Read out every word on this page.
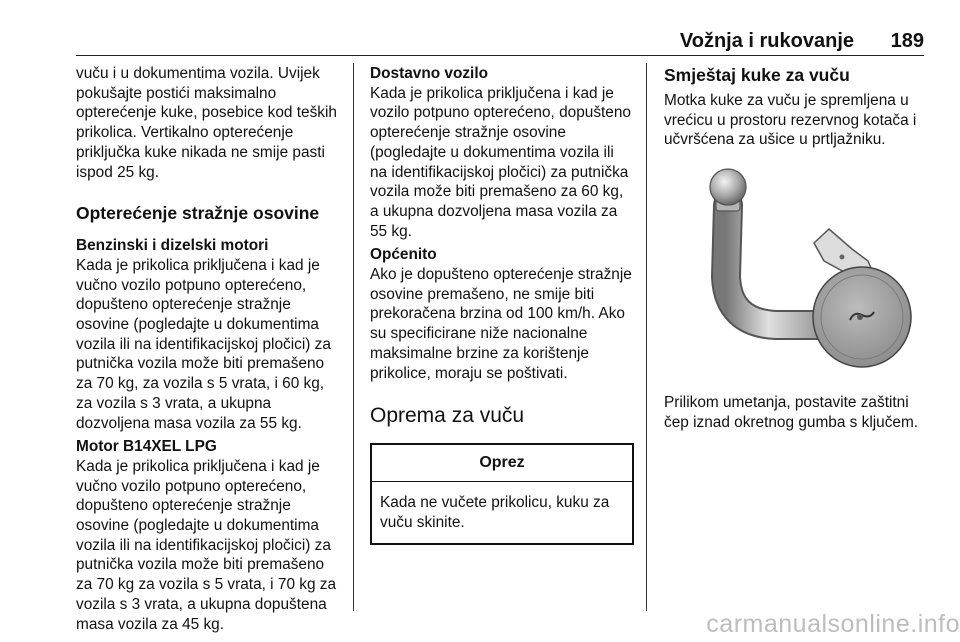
Vožnja i rukovanje 189

vuču i u dokumentima vozila. Uvijek pokušajte postići maksimalno opterećenje kuke, posebice kod teških prikolica. Vertikalno opterećenje priključka kuke nikada ne smije pasti ispod 25 kg.

Opterećenje stražnje osovine

Benzinski i dizelski motori

Kada je prikolica priključena i kad je vučno vozilo potpuno opterećeno, dopušteno opterećenje stražnje osovine (pogledajte u dokumentima vozila ili na identifikacijskoj pločici) za putnička vozila može biti premašeno za 70 kg, za vozila s 5 vrata, i 60 kg, za vozila s 3 vrata, a ukupna dozvoljena masa vozila za 55 kg.

Motor B14XEL LPG

Kada je prikolica priključena i kad je vučno vozilo potpuno opterećeno, dopušteno opterećenje stražnje osovine (pogledajte u dokumentima vozila ili na identifikacijskoj pločici) za putnička vozila može biti premašeno za 70 kg za vozila s 5 vrata, i 70 kg za vozila s 3 vrata, a ukupna dopuštena masa vozila za 45 kg.

Dostavno vozilo

Kada je prikolica priključena i kad je vozilo potpuno opterećeno, dopušteno opterećenje stražnje osovine (pogledajte u dokumentima vozila ili na identifikacijskoj pločici) za putnička vozila može biti premašeno za 60 kg, a ukupna dozvoljena masa vozila za 55 kg.

Općenito

Ako je dopušteno opterećenje stražnje osovine premašeno, ne smije biti prekoračena brzina od 100 km/h. Ako su specificirane niže nacionalne maksimalne brzine za korištenje prikolice, moraju se poštivati.

Oprema za vuču

Oprez
Kada ne vučete prikolicu, kuku za vuču skinite.

Smještaj kuke za vuču

Motka kuke za vuču je spremljena u vrećicu u prostoru rezervnog kotača i učvršćena za ušice u prtljažniku.

Prilikom umetanja, postavite zaštitni čep iznad okretnog gumba s ključem.

carmanualsonline.info
